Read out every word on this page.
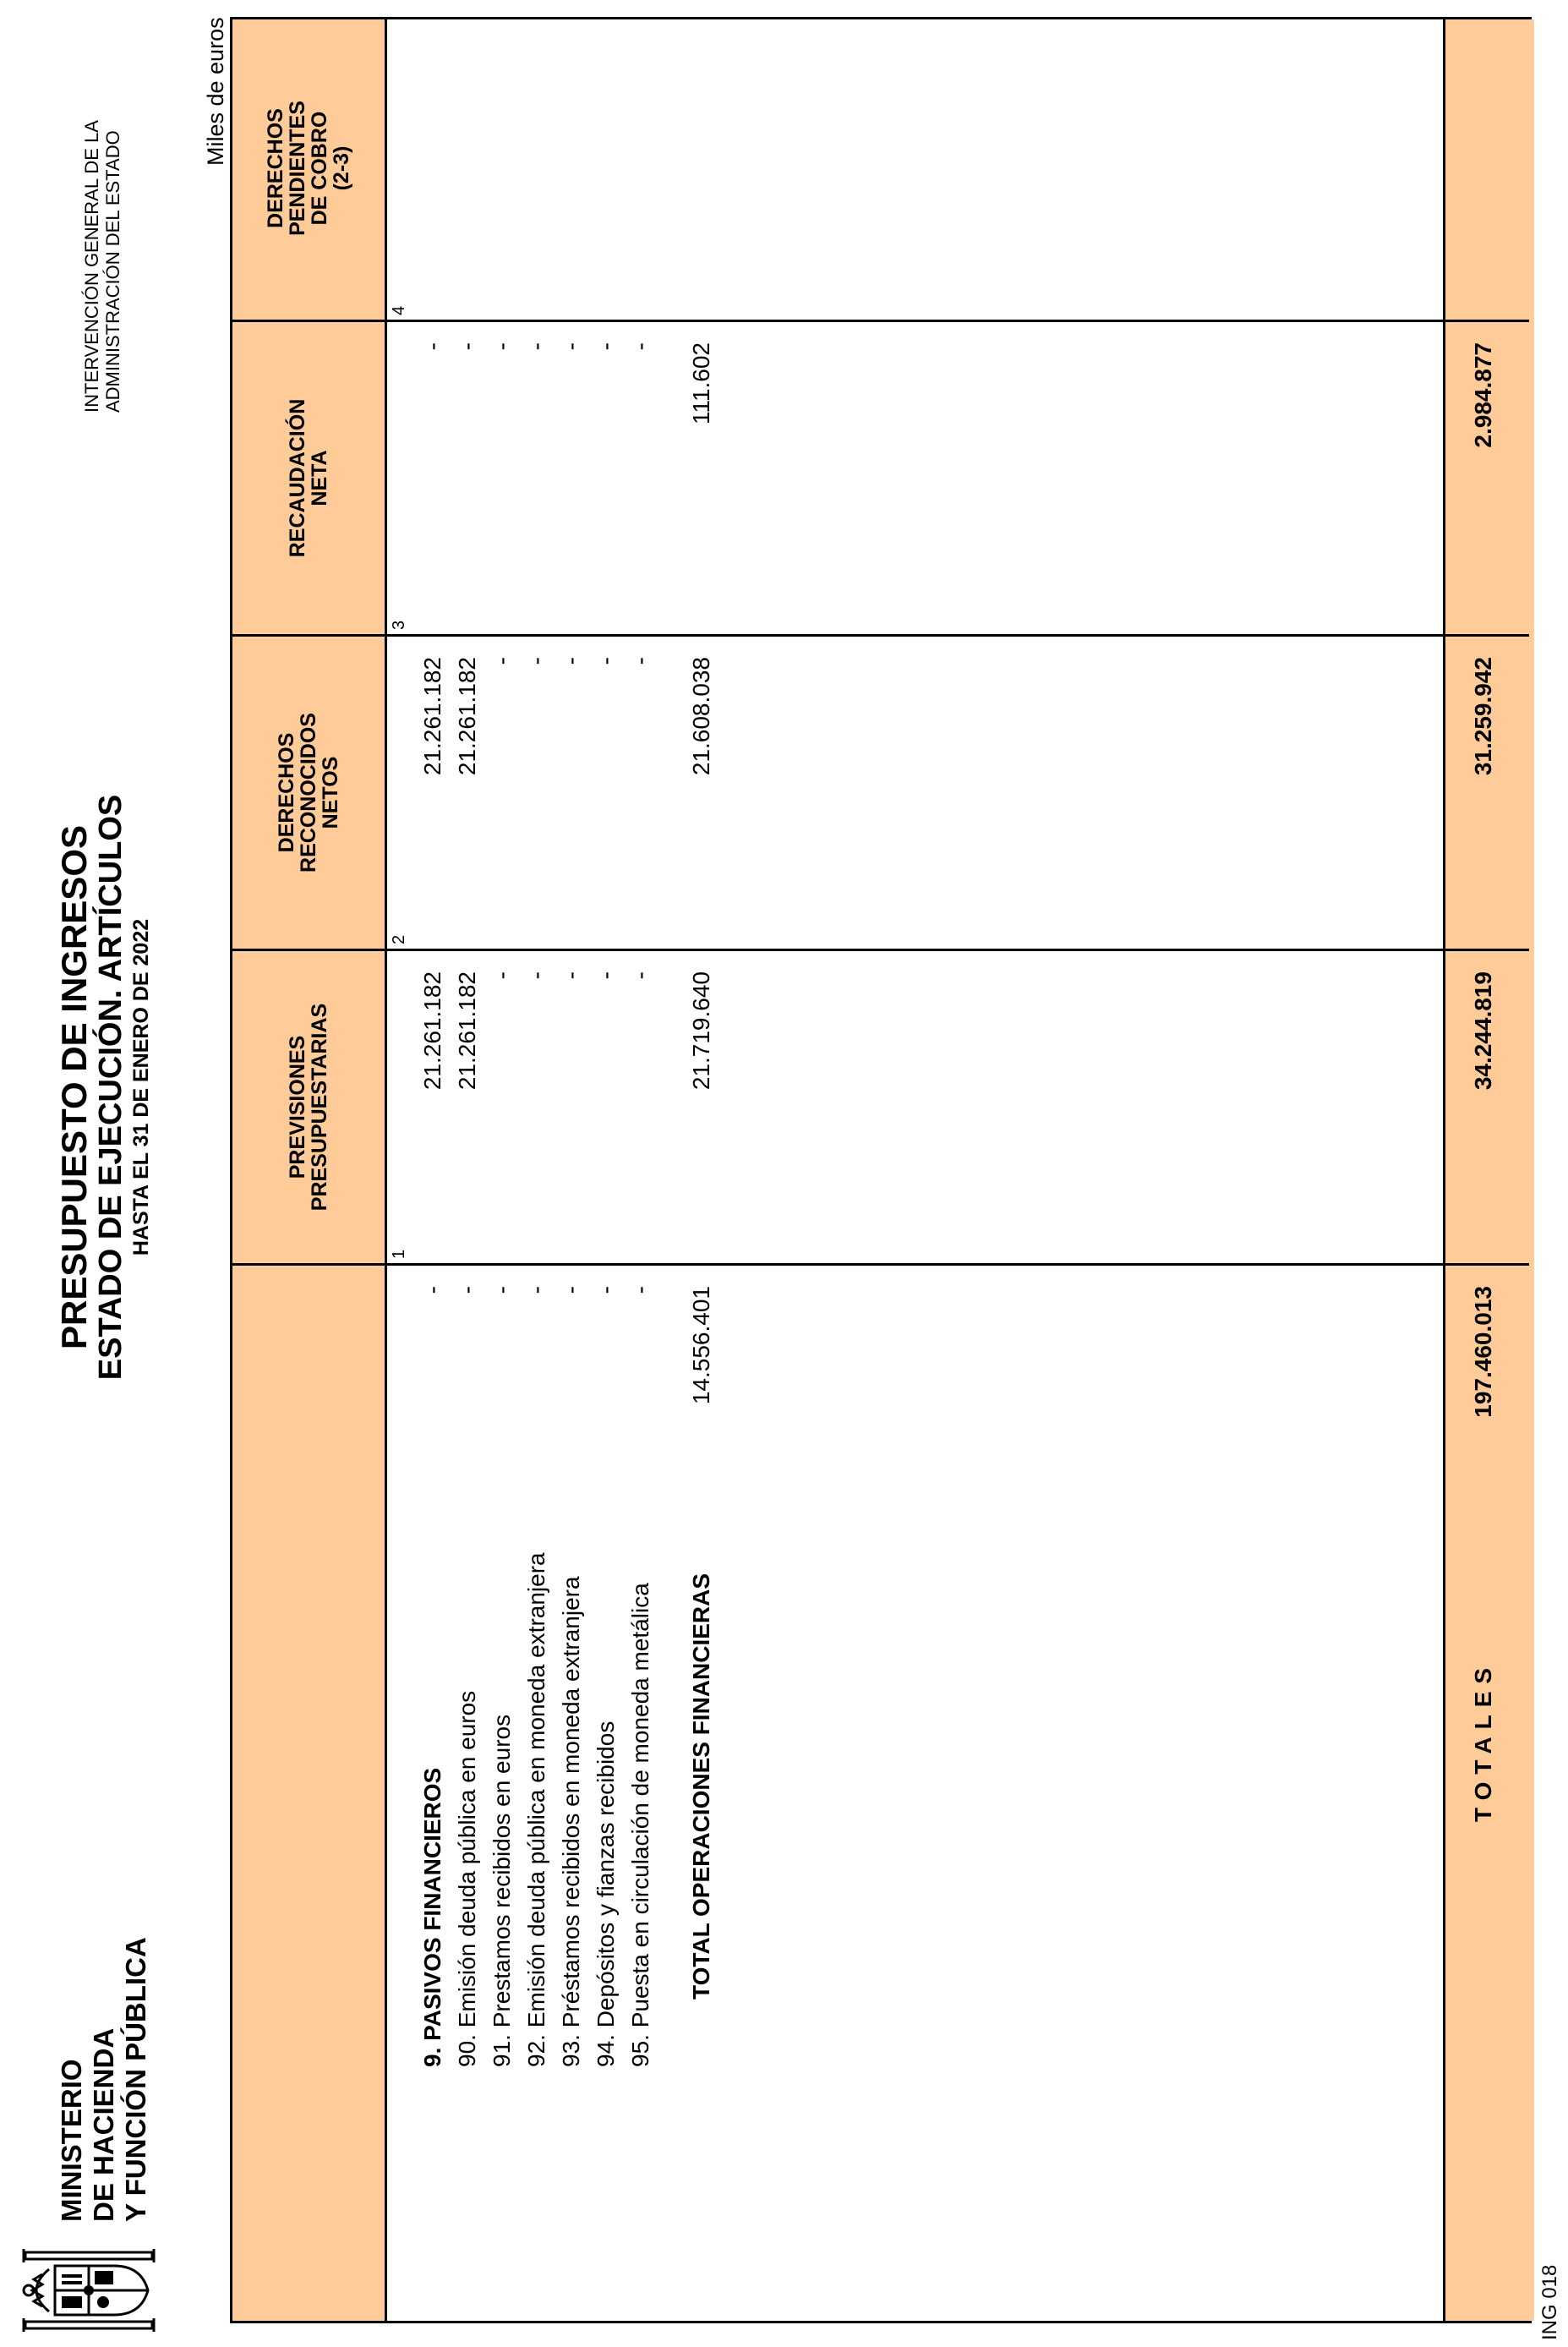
MINISTERIO DE HACIENDA Y FUNCIÓN PÚBLICA
PRESUPUESTO DE INGRESOS ESTADO DE EJECUCIÓN. ARTÍCULOS HASTA EL 31 DE ENERO DE 2022
INTERVENCIÓN GENERAL DE LA ADMINISTRACIÓN DEL ESTADO
Miles de euros
ING 018
PREVISIONES
PRESUPUESTARIAS
DERECHOS
RECONOCIDOS
NETOS
RECAUDACIÓN
NETA
DERECHOS
PENDIENTES
DE COBRO
(2-3)
1
2
3
4
9. PASIVOS FINANCIEROS
-
21.261.182
21.261.182
-
90. Emisión deuda pública en euros
-
21.261.182
21.261.182
-
91. Prestamos recibidos en euros
-
-
-
-
92. Emisión deuda pública en moneda extranjera
-
-
-
-
93. Préstamos recibidos en moneda extranjera
-
-
-
-
94. Depósitos y fianzas recibidos
-
-
-
-
95. Puesta en circulación de moneda metálica
-
-
-
-
TOTAL OPERACIONES FINANCIERAS
14.556.401
21.719.640
21.608.038
111.602
TOTALES
197.460.013
34.244.819
31.259.942
2.984.877
